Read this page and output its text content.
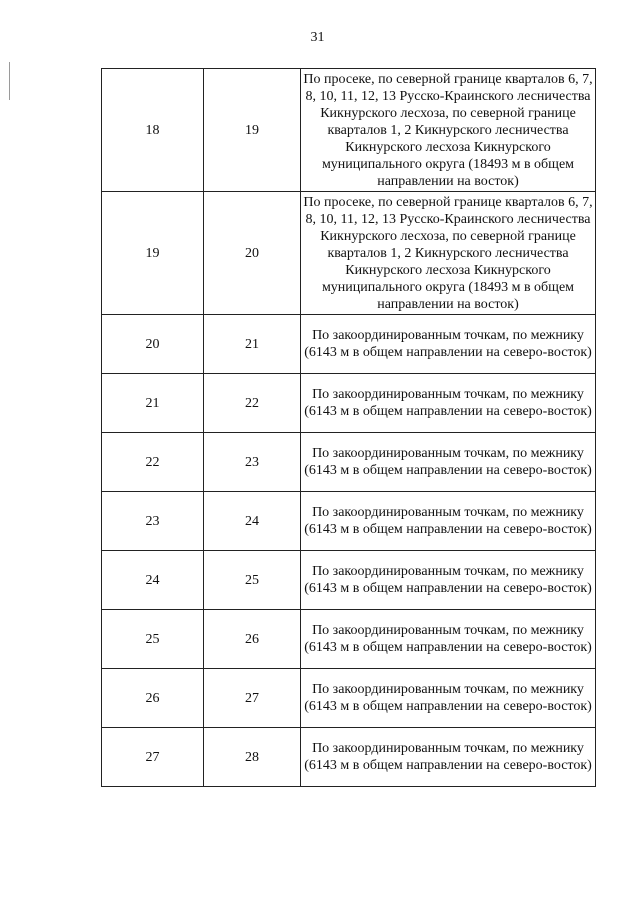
31
18	19	По просеке, по северной границе кварталов 6, 7, 8, 10, 11, 12, 13 Русско-Краинского лесничества Кикнурского лесхоза, по северной границе кварталов 1, 2 Кикнурского лесничества Кикнурского лесхоза Кикнурского муниципального округа (18493 м в общем направлении на восток)
19	20	По просеке, по северной границе кварталов 6, 7, 8, 10, 11, 12, 13 Русско-Краинского лесничества Кикнурского лесхоза, по северной границе кварталов 1, 2 Кикнурского лесничества Кикнурского лесхоза Кикнурского муниципального округа (18493 м в общем направлении на восток)
20	21	По закоординированным точкам, по межнику (6143 м в общем направлении на северо-восток)
21	22	По закоординированным точкам, по межнику (6143 м в общем направлении на северо-восток)
22	23	По закоординированным точкам, по межнику (6143 м в общем направлении на северо-восток)
23	24	По закоординированным точкам, по межнику (6143 м в общем направлении на северо-восток)
24	25	По закоординированным точкам, по межнику (6143 м в общем направлении на северо-восток)
25	26	По закоординированным точкам, по межнику (6143 м в общем направлении на северо-восток)
26	27	По закоординированным точкам, по межнику (6143 м в общем направлении на северо-восток)
27	28	По закоординированным точкам, по межнику (6143 м в общем направлении на северо-восток)
